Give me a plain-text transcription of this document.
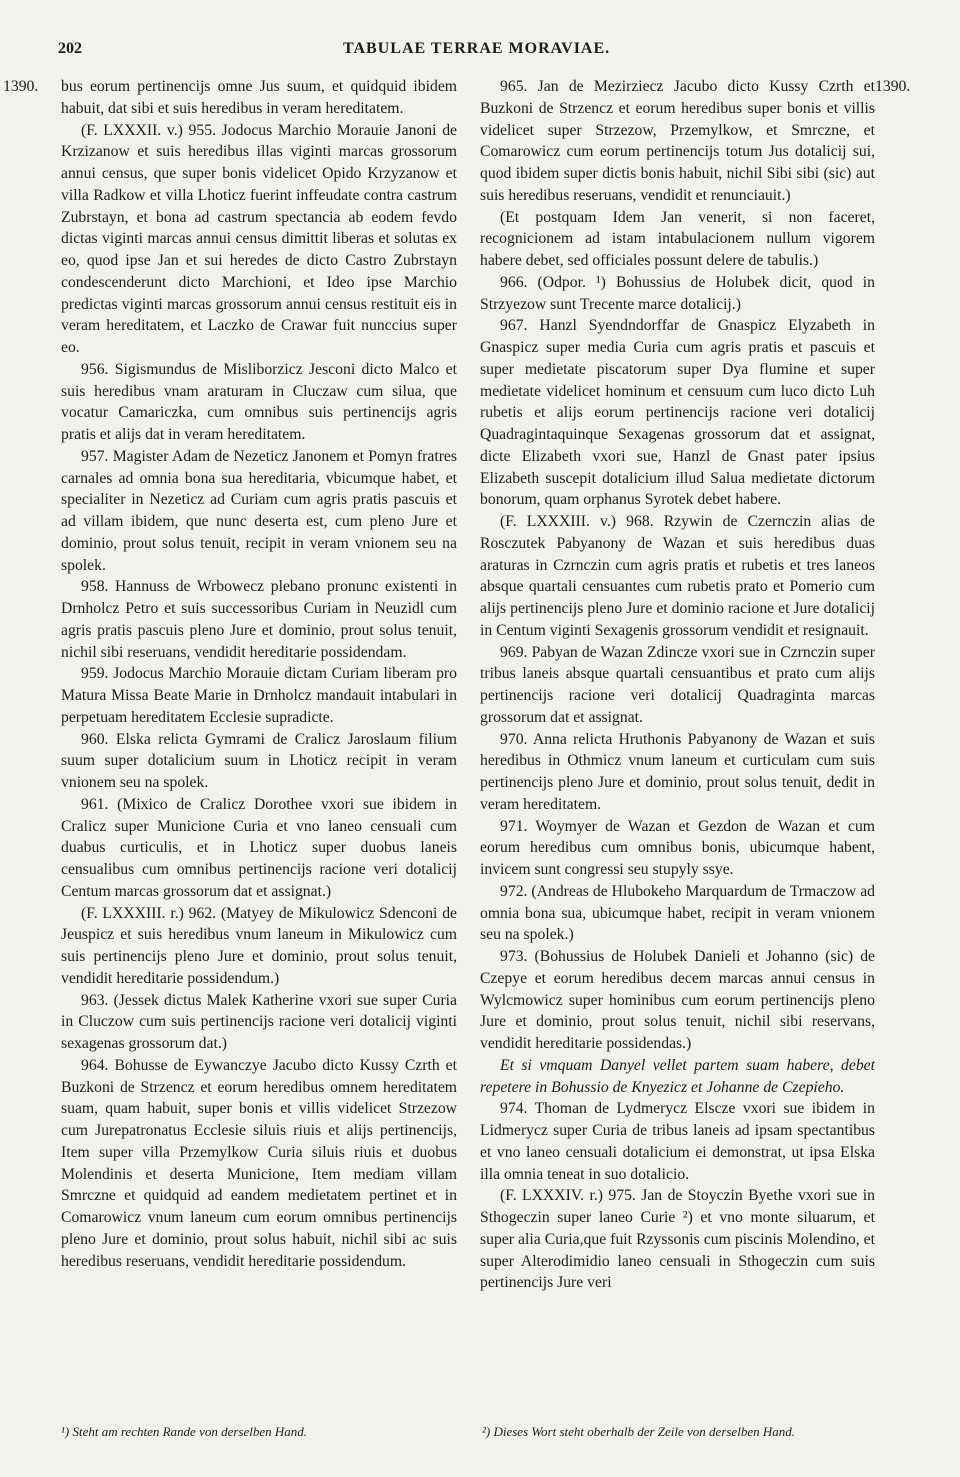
202	TABULAE TERRAE MORAVIAE.
1390.	1390.

bus eorum pertinencijs omne Jus suum, et quidquid ibidem habuit, dat sibi et suis heredibus in veram hereditatem.

(F. LXXXII. v.) 955. Jodocus Marchio Morauie Janoni de Krzizanow et suis heredibus illas viginti marcas grossorum annui census, que super bonis videlicet Opido Krzyzanow et villa Radkow et villa Lhoticz fuerint inffeudate contra castrum Zubrstayn, et bona ad castrum spectancia ab eodem fevdo dictas viginti marcas annui census dimittit liberas et solutas ex eo, quod ipse Jan et sui heredes de dicto Castro Zubrstayn condescenderunt dicto Marchioni, et Ideo ipse Marchio predictas viginti marcas grossorum annui census restituit eis in veram hereditatem, et Laczko de Crawar fuit nunccius super eo.

956. Sigismundus de Misliborzicz Jesconi dicto Malco et suis heredibus vnam araturam in Cluczaw cum silua, que vocatur Camariczka, cum omnibus suis pertinencijs agris pratis et alijs dat in veram hereditatem.

957. Magister Adam de Nezeticz Janonem et Pomyn fratres carnales ad omnia bona sua hereditaria, vbicumque habet, et specialiter in Nezeticz ad Curiam cum agris pratis pascuis et ad villam ibidem, que nunc deserta est, cum pleno Jure et dominio, prout solus tenuit, recipit in veram vnionem seu na spolek.

958. Hannuss de Wrbowecz plebano pronunc existenti in Drnholcz Petro et suis successoribus Curiam in Neuzidl cum agris pratis pascuis pleno Jure et dominio, prout solus tenuit, nichil sibi reseruans, vendidit hereditarie possidendam.

959. Jodocus Marchio Morauie dictam Curiam liberam pro Matura Missa Beate Marie in Drnholcz mandauit intabulari in perpetuam hereditatem Ecclesie supradicte.

960. Elska relicta Gymrami de Cralicz Jaroslaum filium suum super dotalicium suum in Lhoticz recipit in veram vnionem seu na spolek.

961. (Mixico de Cralicz Dorothee vxori sue ibidem in Cralicz super Municione Curia et vno laneo censuali cum duabus curticulis, et in Lhoticz super duobus laneis censualibus cum omnibus pertinencijs racione veri dotalicij Centum marcas grossorum dat et assignat.)

(F. LXXXIII. r.) 962. (Matyey de Mikulowicz Sdenconi de Jeuspicz et suis heredibus vnum laneum in Mikulowicz cum suis pertinencijs pleno Jure et dominio, prout solus tenuit, vendidit hereditarie possidendum.)

963. (Jessek dictus Malek Katherine vxori sue super Curia in Cluczow cum suis pertinencijs racione veri dotalicij viginti sexagenas grossorum dat.)

964. Bohusse de Eywanczye Jacubo dicto Kussy Czrth et Buzkoni de Strzencz et eorum heredibus omnem hereditatem suam, quam habuit, super bonis et villis videlicet Strzezow cum Jurepatronatus Ecclesie siluis riuis et alijs pertinencijs, Item super villa Przemylkow Curia siluis riuis et duobus Molendinis et deserta Municione, Item mediam villam Smrczne et quidquid ad eandem medietatem pertinet et in Comarowicz vnum laneum cum eorum omnibus pertinencijs pleno Jure et dominio, prout solus habuit, nichil sibi ac suis heredibus reseruans, vendidit hereditarie possidendum.

965. Jan de Mezirziecz Jacubo dicto Kussy Czrth et Buzkoni de Strzencz et eorum heredibus super bonis et villis videlicet super Strzezow, Przemylkow, et Smrczne, et Comarowicz cum eorum pertinencijs totum Jus dotalicij sui, quod ibidem super dictis bonis habuit, nichil Sibi sibi (sic) aut suis heredibus reseruans, vendidit et renunciauit.)

(Et postquam Idem Jan venerit, si non faceret, recognicionem ad istam intabulacionem nullum vigorem habere debet, sed officiales possunt delere de tabulis.)

966. (Odpor. ¹) Bohussius de Holubek dicit, quod in Strzyezow sunt Trecente marce dotalicij.)

967. Hanzl Syendndorffar de Gnaspicz Elyzabeth in Gnaspicz super media Curia cum agris pratis et pascuis et super medietate piscatorum super Dya flumine et super medietate videlicet hominum et censuum cum luco dicto Luh rubetis et alijs eorum pertinencijs racione veri dotalicij Quadragintaquinque Sexagenas grossorum dat et assignat, dicte Elizabeth vxori sue, Hanzl de Gnast pater ipsius Elizabeth suscepit dotalicium illud Salua medietate dictorum bonorum, quam orphanus Syrotek debet habere.

(F. LXXXIII. v.) 968. Rzywin de Czernczin alias de Rosczutek Pabyanony de Wazan et suis heredibus duas araturas in Czrnczin cum agris pratis et rubetis et tres laneos absque quartali censuantes cum rubetis prato et Pomerio cum alijs pertinencijs pleno Jure et dominio racione et Jure dotalicij in Centum viginti Sexagenis grossorum vendidit et resignauit.

969. Pabyan de Wazan Zdincze vxori sue in Czrnczin super tribus laneis absque quartali censuantibus et prato cum alijs pertinencijs racione veri dotalicij Quadraginta marcas grossorum dat et assignat.

970. Anna relicta Hruthonis Pabyanony de Wazan et suis heredibus in Othmicz vnum laneum et curticulam cum suis pertinencijs pleno Jure et dominio, prout solus tenuit, dedit in veram hereditatem.

971. Woymyer de Wazan et Gezdon de Wazan et cum eorum heredibus cum omnibus bonis, ubicumque habent, invicem sunt congressi seu stupyly ssye.

972. (Andreas de Hlubokeho Marquardum de Trmaczow ad omnia bona sua, ubicumque habet, recipit in veram vnionem seu na spolek.)

973. (Bohussius de Holubek Danieli et Johanno (sic) de Czepye et eorum heredibus decem marcas annui census in Wylcmowicz super hominibus cum eorum pertinencijs pleno Jure et dominio, prout solus tenuit, nichil sibi reservans, vendidit hereditarie possidendas.)

Et si vmquam Danyel vellet partem suam habere, debet repetere in Bohussio de Knyezicz et Johanne de Czepieho.

974. Thoman de Lydmerycz Elscze vxori sue ibidem in Lidmerycz super Curia de tribus laneis ad ipsam spectantibus et vno laneo censuali dotalicium ei demonstrat, ut ipsa Elska illa omnia teneat in suo dotalicio.

(F. LXXXIV. r.) 975. Jan de Stoyczin Byethe vxori sue in Sthogeczin super laneo Curie ²) et vno monte siluarum, et super alia Curia,que fuit Rzyssonis cum piscinis Molendino, et super Alterodimidio laneo censuali in Sthogeczin cum suis pertinencijs Jure veri

¹) Steht am rechten Rande von derselben Hand.	²) Dieses Wort steht oberhalb der Zeile von derselben Hand.
